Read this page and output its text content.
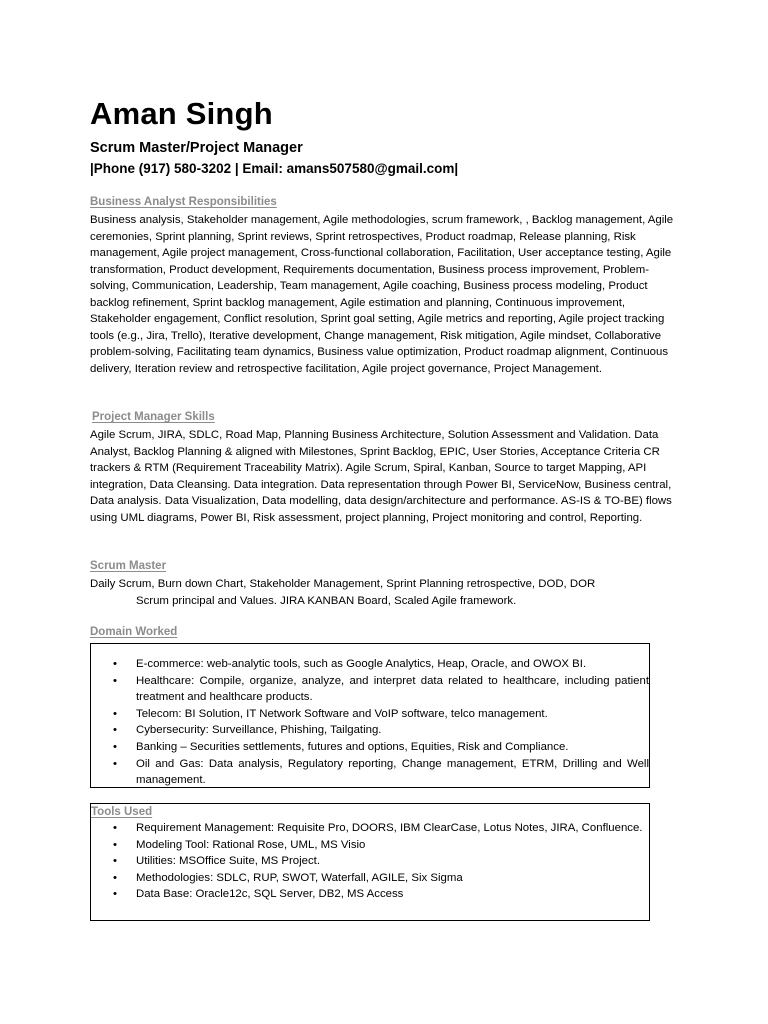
Aman Singh
Scrum Master/Project Manager
|Phone (917) 580-3202 | Email: amans507580@gmail.com|
Business Analyst Responsibilities

Business analysis, Stakeholder management, Agile methodologies, scrum framework, , Backlog management, Agile ceremonies, Sprint planning, Sprint reviews, Sprint retrospectives, Product roadmap, Release planning, Risk management, Agile project management, Cross-functional collaboration, Facilitation, User acceptance testing, Agile transformation, Product development, Requirements documentation, Business process improvement, Problem-solving, Communication, Leadership, Team management, Agile coaching, Business process modeling, Product backlog refinement, Sprint backlog management, Agile estimation and planning, Continuous improvement, Stakeholder engagement, Conflict resolution, Sprint goal setting, Agile metrics and reporting, Agile project tracking tools (e.g., Jira, Trello), Iterative development, Change management, Risk mitigation, Agile mindset, Collaborative problem-solving, Facilitating team dynamics, Business value optimization, Product roadmap alignment, Continuous delivery, Iteration review and retrospective facilitation, Agile project governance, Project Management.

Project Manager Skills

Agile Scrum, JIRA, SDLC, Road Map, Planning Business Architecture, Solution Assessment and Validation. Data Analyst, Backlog Planning & aligned with Milestones, Sprint Backlog, EPIC, User Stories, Acceptance Criteria CR trackers & RTM (Requirement Traceability Matrix). Agile Scrum, Spiral, Kanban, Source to target Mapping, API integration, Data Cleansing. Data integration. Data representation through Power BI, ServiceNow, Business central, Data analysis. Data Visualization, Data modelling, data design/architecture and performance. AS-IS & TO-BE) flows using UML diagrams, Power BI, Risk assessment, project planning, Project monitoring and control, Reporting.

Scrum Master

Daily Scrum, Burn down Chart, Stakeholder Management, Sprint Planning retrospective, DOD, DOR
Scrum principal and Values. JIRA KANBAN Board, Scaled Agile framework.

Domain Worked
• E-commerce: web-analytic tools, such as Google Analytics, Heap, Oracle, and OWOX BI.
• Healthcare: Compile, organize, analyze, and interpret data related to healthcare, including patient treatment and healthcare products.
• Telecom: BI Solution, IT Network Software and VoIP software, telco management.
• Cybersecurity: Surveillance, Phishing, Tailgating.
• Banking – Securities settlements, futures and options, Equities, Risk and Compliance.
• Oil and Gas: Data analysis, Regulatory reporting, Change management, ETRM, Drilling and Well management.
Tools Used
• Requirement Management: Requisite Pro, DOORS, IBM ClearCase, Lotus Notes, JIRA, Confluence.
• Modeling Tool: Rational Rose, UML, MS Visio
• Utilities: MSOffice Suite, MS Project.
• Methodologies: SDLC, RUP, SWOT, Waterfall, AGILE, Six Sigma
• Data Base: Oracle12c, SQL Server, DB2, MS Access
